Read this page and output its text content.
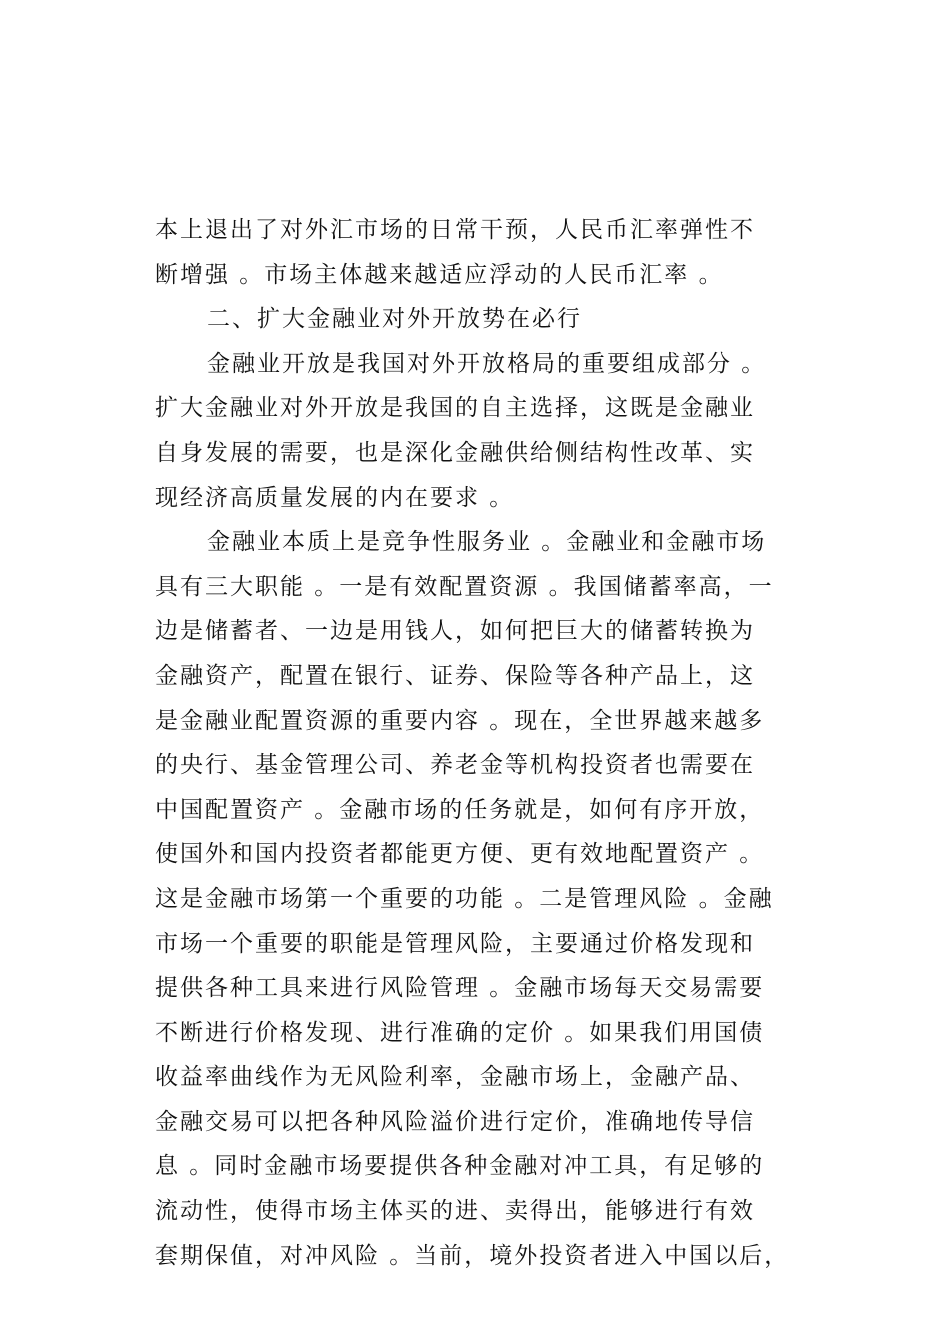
本上退出了对外汇市场的日常干预，人民币汇率弹性不
断增强 。市场主体越来越适应浮动的人民币汇率 。
二、扩大金融业对外开放势在必行
金融业开放是我国对外开放格局的重要组成部分 。
扩大金融业对外开放是我国的自主选择，这既是金融业
自身发展的需要，也是深化金融供给侧结构性改革、实
现经济高质量发展的内在要求 。
金融业本质上是竞争性服务业 。金融业和金融市场
具有三大职能 。一是有效配置资源 。我国储蓄率高，一
边是储蓄者、一边是用钱人，如何把巨大的储蓄转换为
金融资产，配置在银行、证券、保险等各种产品上，这
是金融业配置资源的重要内容 。现在，全世界越来越多
的央行、基金管理公司、养老金等机构投资者也需要在
中国配置资产 。金融市场的任务就是，如何有序开放，
使国外和国内投资者都能更方便、更有效地配置资产 。
这是金融市场第一个重要的功能 。二是管理风险 。金融
市场一个重要的职能是管理风险，主要通过价格发现和
提供各种工具来进行风险管理 。金融市场每天交易需要
不断进行价格发现、进行准确的定价 。如果我们用国债
收益率曲线作为无风险利率，金融市场上，金融产品、
金融交易可以把各种风险溢价进行定价，准确地传导信
息 。同时金融市场要提供各种金融对冲工具，有足够的
流动性，使得市场主体买的进、卖得出，能够进行有效
套期保值，对冲风险 。当前，境外投资者进入中国以后，
